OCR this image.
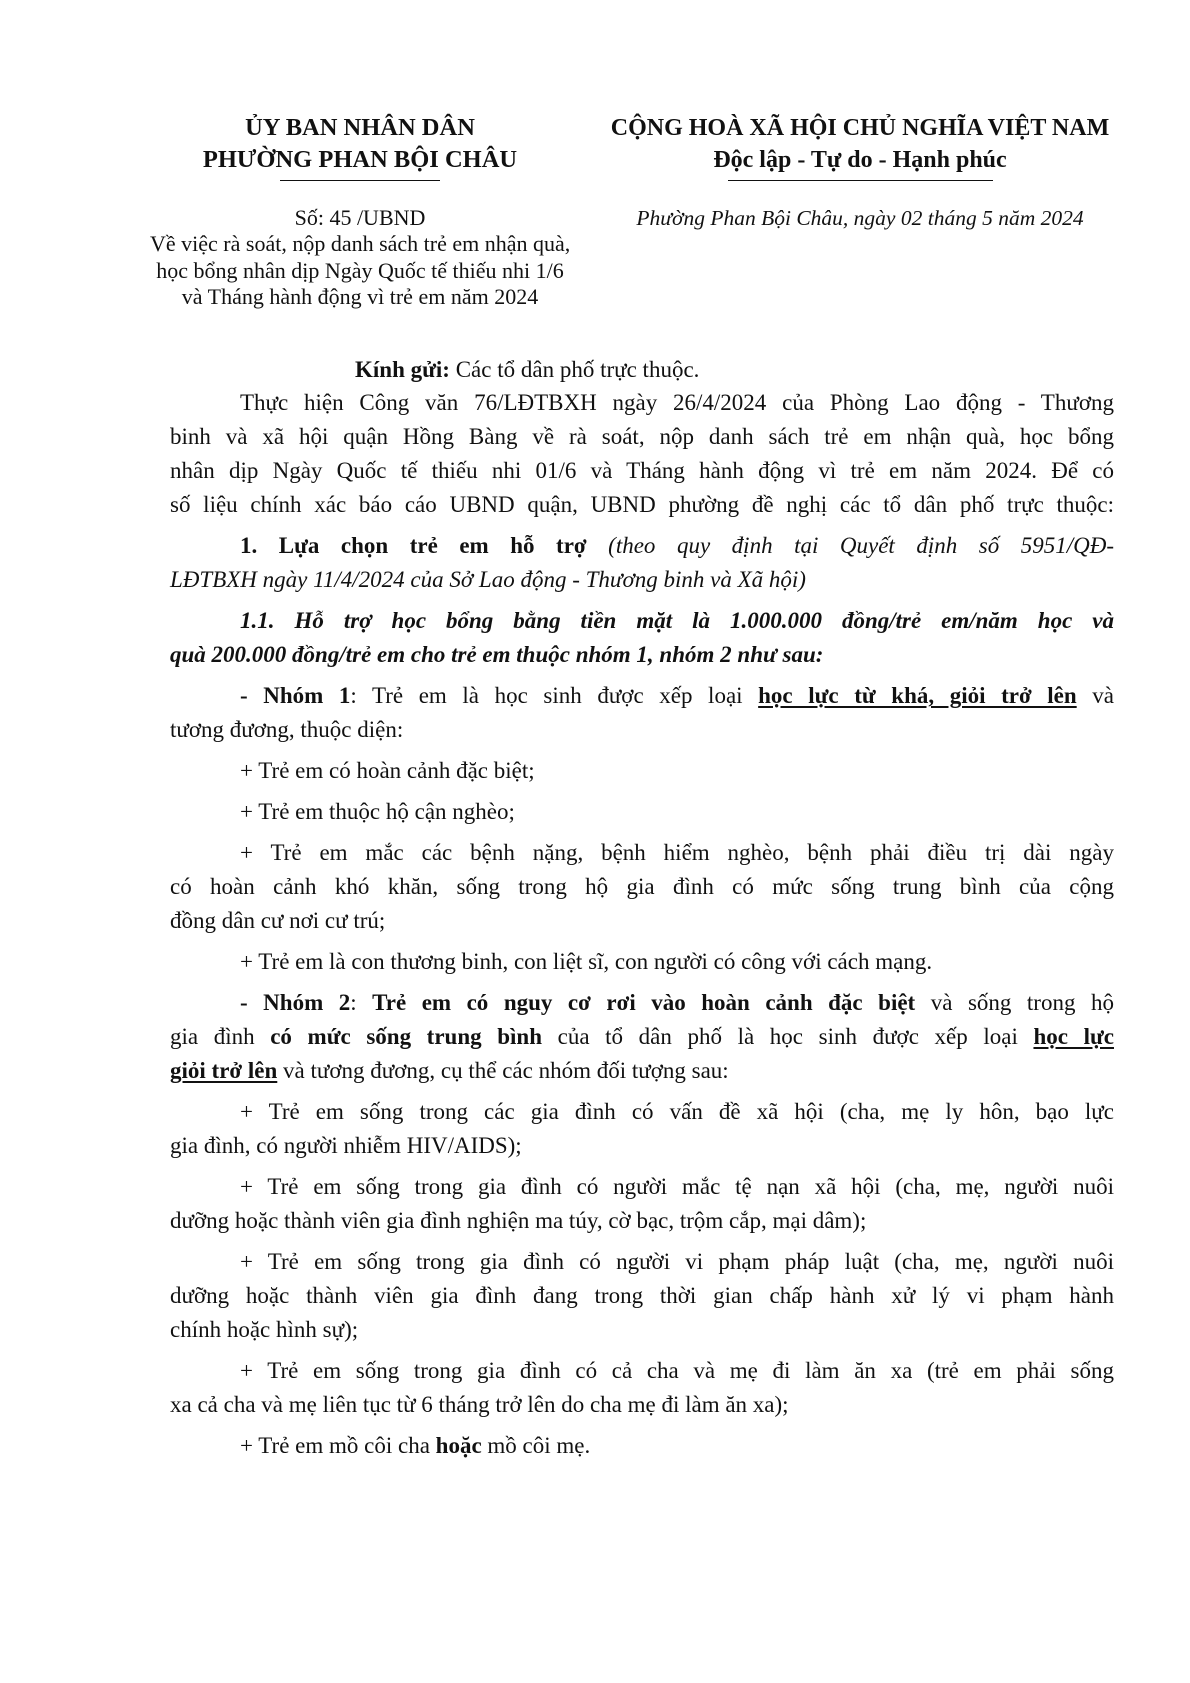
ỦY BAN NHÂN DÂN
PHƯỜNG PHAN BỘI CHÂU
CỘNG HOÀ XÃ HỘI CHỦ NGHĨA VIỆT NAM
Độc lập - Tự do - Hạnh phúc
Số: 45 /UBND
Về việc rà soát, nộp danh sách trẻ em nhận quà,
học bổng nhân dịp Ngày Quốc tế thiếu nhi 1/6
và Tháng hành động vì trẻ em năm 2024
Phường Phan Bội Châu, ngày 02 tháng 5 năm 2024
Kính gửi: Các tổ dân phố trực thuộc.
Thực hiện Công văn 76/LĐTBXH ngày 26/4/2024 của Phòng Lao động - Thương
binh và xã hội quận Hồng Bàng về rà soát, nộp danh sách trẻ em nhận quà, học bổng
nhân dịp Ngày Quốc tế thiếu nhi 01/6 và Tháng hành động vì trẻ em năm 2024. Để có
số liệu chính xác báo cáo UBND quận, UBND phường đề nghị các tổ dân phố trực thuộc:
1. Lựa chọn trẻ em hỗ trợ (theo quy định tại Quyết định số 5951/QĐ-
LĐTBXH ngày 11/4/2024 của Sở Lao động - Thương binh và Xã hội)
1.1. Hỗ trợ học bổng bằng tiền mặt là 1.000.000 đồng/trẻ em/năm học và
quà 200.000 đồng/trẻ em cho trẻ em thuộc nhóm 1, nhóm 2 như sau:
- Nhóm 1: Trẻ em là học sinh được xếp loại học lực từ khá, giỏi trở lên và
tương đương, thuộc diện:
+ Trẻ em có hoàn cảnh đặc biệt;
+ Trẻ em thuộc hộ cận nghèo;
+ Trẻ em mắc các bệnh nặng, bệnh hiểm nghèo, bệnh phải điều trị dài ngày
có hoàn cảnh khó khăn, sống trong hộ gia đình có mức sống trung bình của cộng
đồng dân cư nơi cư trú;
+ Trẻ em là con thương binh, con liệt sĩ, con người có công với cách mạng.
- Nhóm 2: Trẻ em có nguy cơ rơi vào hoàn cảnh đặc biệt và sống trong hộ
gia đình có mức sống trung bình của tổ dân phố là học sinh được xếp loại học lực
giỏi trở lên và tương đương, cụ thể các nhóm đối tượng sau:
+ Trẻ em sống trong các gia đình có vấn đề xã hội (cha, mẹ ly hôn, bạo lực
gia đình, có người nhiễm HIV/AIDS);
+ Trẻ em sống trong gia đình có người mắc tệ nạn xã hội (cha, mẹ, người nuôi
dưỡng hoặc thành viên gia đình nghiện ma túy, cờ bạc, trộm cắp, mại dâm);
+ Trẻ em sống trong gia đình có người vi phạm pháp luật (cha, mẹ, người nuôi
dưỡng hoặc thành viên gia đình đang trong thời gian chấp hành xử lý vi phạm hành
chính hoặc hình sự);
+ Trẻ em sống trong gia đình có cả cha và mẹ đi làm ăn xa (trẻ em phải sống
xa cả cha và mẹ liên tục từ 6 tháng trở lên do cha mẹ đi làm ăn xa);
+ Trẻ em mồ côi cha hoặc mồ côi mẹ.
